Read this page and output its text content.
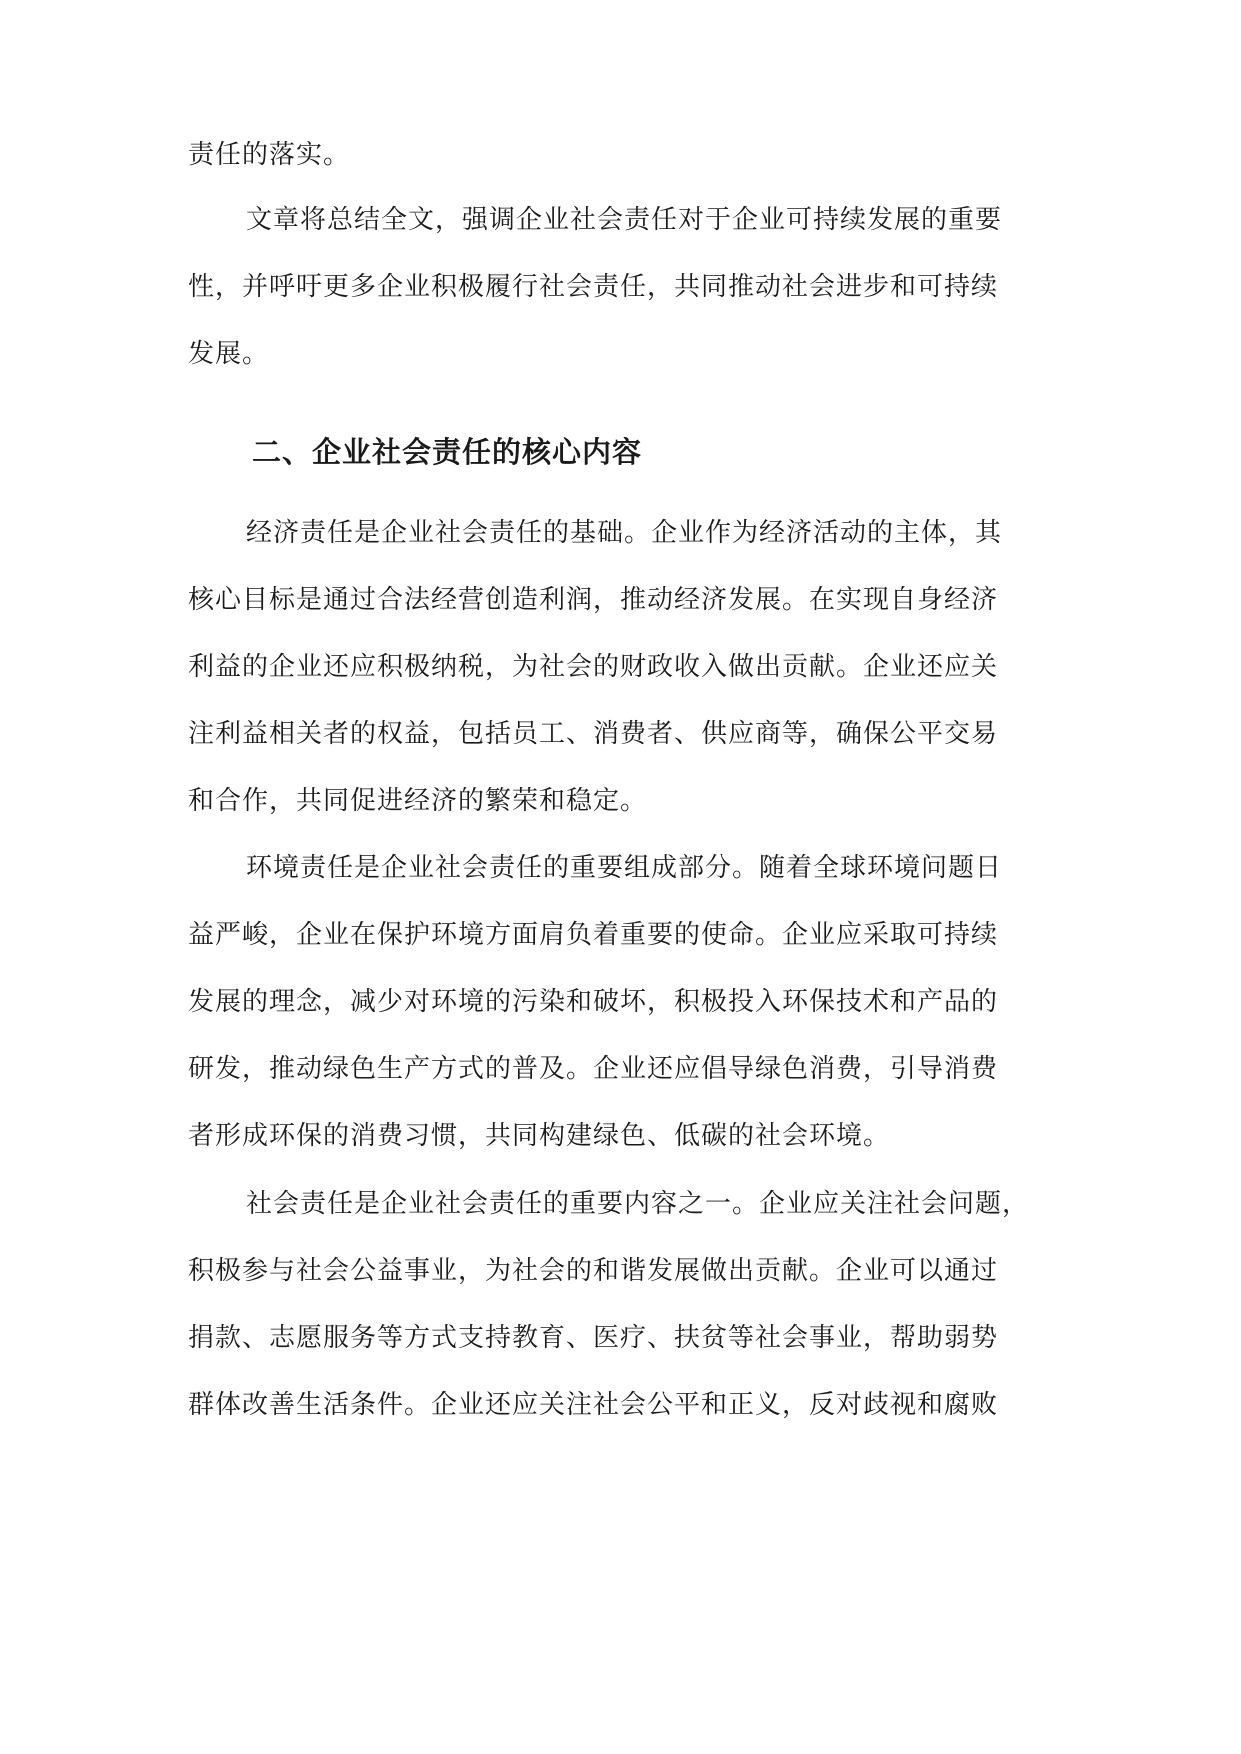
责任的落实。
文章将总结全文，强调企业社会责任对于企业可持续发展的重要
性，并呼吁更多企业积极履行社会责任，共同推动社会进步和可持续
发展。
二、企业社会责任的核心内容
经济责任是企业社会责任的基础。企业作为经济活动的主体，其
核心目标是通过合法经营创造利润，推动经济发展。在实现自身经济
利益的企业还应积极纳税，为社会的财政收入做出贡献。企业还应关
注利益相关者的权益，包括员工、消费者、供应商等，确保公平交易
和合作，共同促进经济的繁荣和稳定。
环境责任是企业社会责任的重要组成部分。随着全球环境问题日
益严峻，企业在保护环境方面肩负着重要的使命。企业应采取可持续
发展的理念，减少对环境的污染和破坏，积极投入环保技术和产品的
研发，推动绿色生产方式的普及。企业还应倡导绿色消费，引导消费
者形成环保的消费习惯，共同构建绿色、低碳的社会环境。
社会责任是企业社会责任的重要内容之一。企业应关注社会问题，
积极参与社会公益事业，为社会的和谐发展做出贡献。企业可以通过
捐款、志愿服务等方式支持教育、医疗、扶贫等社会事业，帮助弱势
群体改善生活条件。企业还应关注社会公平和正义，反对歧视和腐败
